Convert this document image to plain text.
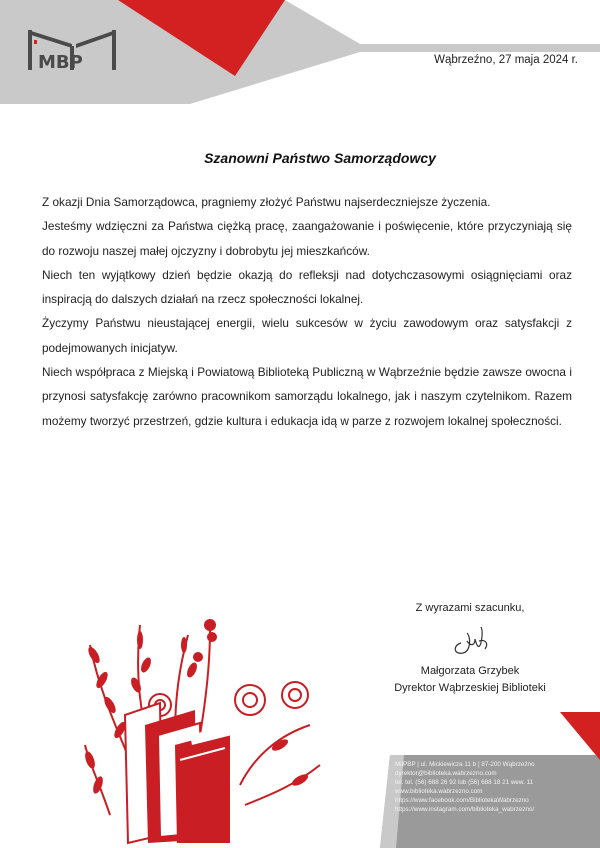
MBP	Wąbrzeźno, 27 maja 2024 r.
Szanowni Państwo Samorządowcy

Z okazji Dnia Samorządowca, pragniemy złożyć Państwu najserdeczniejsze życzenia.

Jesteśmy wdzięczni za Państwa ciężką pracę, zaangażowanie i poświęcenie, które przyczyniają się do rozwoju naszej małej ojczyzny i dobrobytu jej mieszkańców.

Niech ten wyjątkowy dzień będzie okazją do refleksji nad dotychczasowymi osiągnięciami oraz inspiracją do dalszych działań na rzecz społeczności lokalnej.

Życzymy Państwu nieustającej energii, wielu sukcesów w życiu zawodowym oraz satysfakcji z podejmowanych inicjatyw.

Niech współpraca z Miejską i Powiatową Biblioteką Publiczną w Wąbrzeźnie będzie zawsze owocna i przynosi satysfakcję zarówno pracownikom samorządu lokalnego, jak i naszym czytelnikom. Razem możemy tworzyć przestrzeń, gdzie kultura i edukacja idą w parze z rozwojem lokalnej społeczności.

Z wyrazami szacunku,
Małgorzata Grzybek
Dyrektor Wąbrzeskiej Biblioteki
MiiPBP | ul. Mickiewicza 11 b | 87-200 Wąbrzeźno
dyrektor@biblioteka.wabrzezno.com
tel. tel. (56) 688 26 92 lub (56) 688 18 21 wew. 11
www.biblioteka.wabrzezno.com
https://www.facebook.com/BibliotekaWabrzezno
https://www.instagram.com/biblioteka_wabrzezno/
